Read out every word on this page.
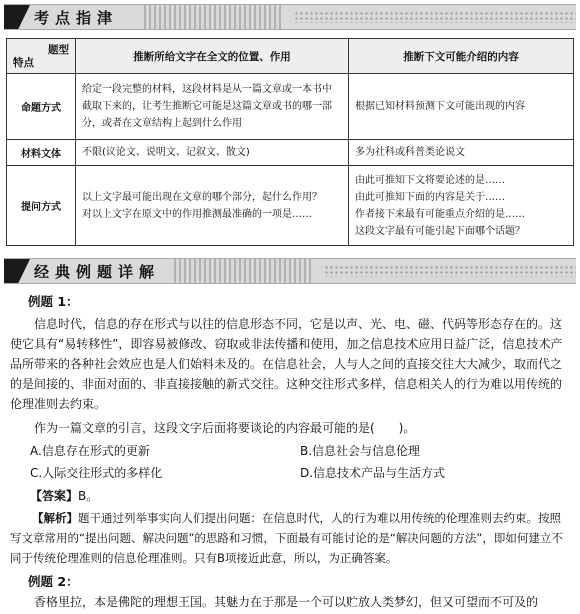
考点指津
题型
特点	推断所给文字在全文的位置、作用	推断下文可能介绍的内容
命题方式	给定一段完整的材料，这段材料是从一篇文章或一本书中
截取下来的，让考生推断它可能是这篇文章或书的哪一部
分，或者在文章结构上起到什么作用	根据已知材料预测下文可能出现的内容

材料文体	不限(议论文、说明文、记叙文、散文)	多为社科或科普类论说文

提问方式	以上文字最可能出现在文章的哪个部分，起什么作用？
对以上文字在原文中的作用推测最准确的一项是……	由此可推知下文将要论述的是……
由此可推知下面的内容是关于……
作者接下来最有可能重点介绍的是……
这段文字最有可能引起下面哪个话题？
经典例题详解
例题 1：
信息时代，信息的存在形式与以往的信息形态不同，它是以声、光、电、磁、代码等形态存在的。这使它具有“易转移性”，即容易被修改、窃取或非法传播和使用，加之信息技术应用日益广泛，信息技术产品所带来的各种社会效应也是人们始料未及的。在信息社会，人与人之间的直接交往大大减少，取而代之的是间接的、非面对面的、非直接接触的新式交往。这种交往形式多样，信息相关人的行为难以用传统的伦理准则去约束。
作为一篇文章的引言，这段文字后面将要谈论的内容最可能的是(　　)。
A.信息存在形式的更新	B.信息社会与信息伦理
C.人际交往形式的多样化	D.信息技术产品与生活方式
【答案】B。
【解析】题干通过列举事实向人们提出问题：在信息时代，人的行为难以用传统的伦理准则去约束。按照写文章常用的“提出问题、解决问题”的思路和习惯，下面最有可能讨论的是“解决问题的方法”，即如何建立不同于传统伦理准则的信息伦理准则。只有B项接近此意，所以，为正确答案。
例题 2：
香格里拉，本是佛陀的理想王国。其魅力在于那是一个可以贮放人类梦幻，但又可望而不可及的
